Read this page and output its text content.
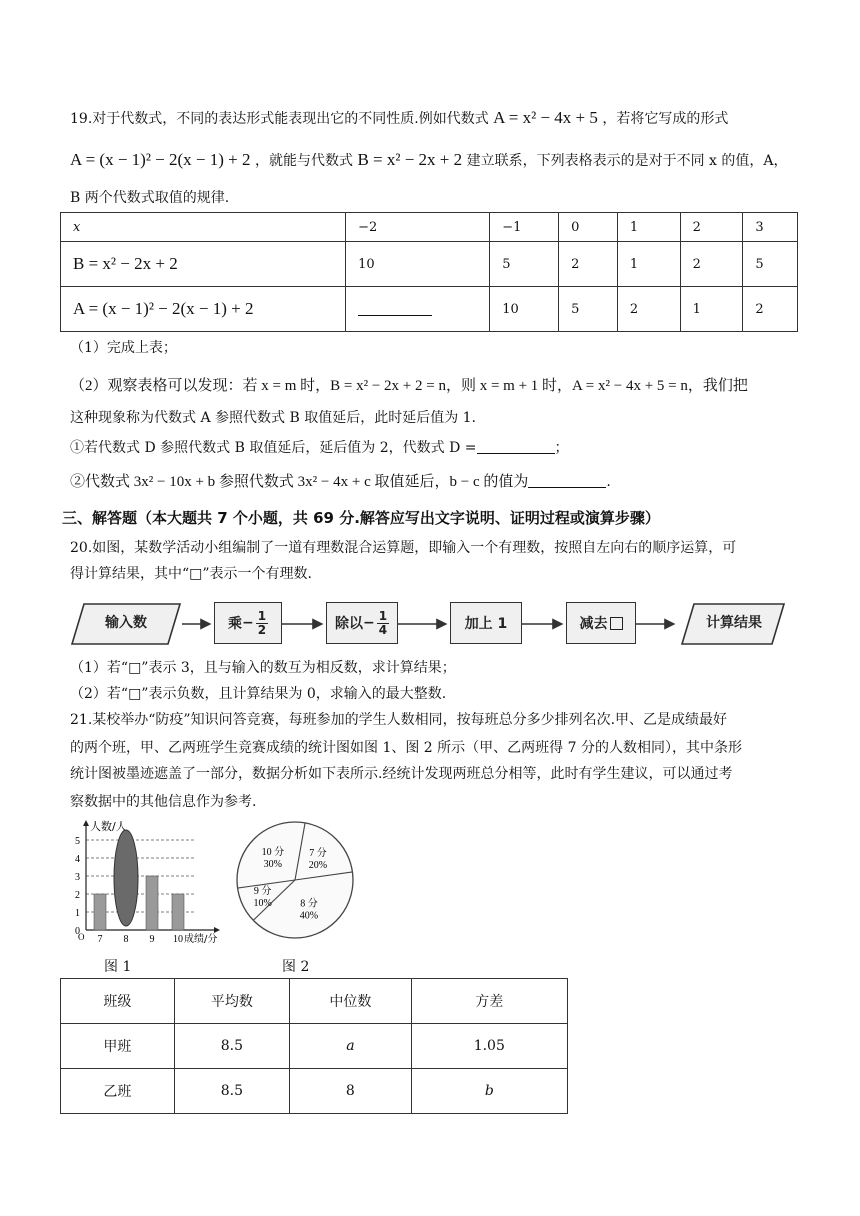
19.对于代数式，不同的表达形式能表现出它的不同性质.例如代数式 A = x² − 4x + 5 ，若将它写成的形式
A = (x − 1)² − 2(x − 1) + 2 ，就能与代数式 B = x² − 2x + 2 建立联系，下列表格表示的是对于不同 x 的值，A，
B 两个代数式取值的规律.
x	−2	−1	0	1	2	3
B = x² − 2x + 2	10	5	2	1	2	5
A = (x − 1)² − 2(x − 1) + 2		10	5	2	1	2
（1）完成上表；
（2）观察表格可以发现：若 x = m 时，B = x² − 2x + 2 = n，则 x = m + 1 时，A = x² − 4x + 5 = n，我们把
这种现象称为代数式 A 参照代数式 B 取值延后，此时延后值为 1.
①若代数式 D 参照代数式 B 取值延后，延后值为 2，代数式 D =	；
②代数式 3x² − 10x + b 参照代数式 3x² − 4x + c 取值延后，b − c 的值为	.
三、解答题（本大题共 7 个小题，共 69 分.解答应写出文字说明、证明过程或演算步骤）
20.如图，某数学活动小组编制了一道有理数混合运算题，即输入一个有理数，按照自左向右的顺序运算，可
得计算结果，其中“□”表示一个有理数.
输入数	乘 − $\frac{1}{2}$	除以 − $\frac{1}{4}$	加上 1	减去	计算结果
（1）若“□”表示 3，且与输入的数互为相反数，求计算结果；
（2）若“□”表示负数，且计算结果为 0，求输入的最大整数.
21.某校举办“防疫”知识问答竞赛，每班参加的学生人数相同，按每班总分多少排列名次.甲、乙是成绩最好
的两个班，甲、乙两班学生竞赛成绩的统计图如图 1、图 2 所示（甲、乙两班得 7 分的人数相同），其中条形
统计图被墨迹遮盖了一部分，数据分析如下表所示.经统计发现两班总分相等，此时有学生建议，可以通过考
察数据中的其他信息作为参考.
0
1
2
3
4
5
人数/人
成绩/分
7 8 9 10
O
图 1
7 分
20%
8 分
40%
9 分
10%
10 分
30%
图 2
班级	平均数	中位数	方差
甲班	8.5	a	1.05
乙班	8.5	8	b
